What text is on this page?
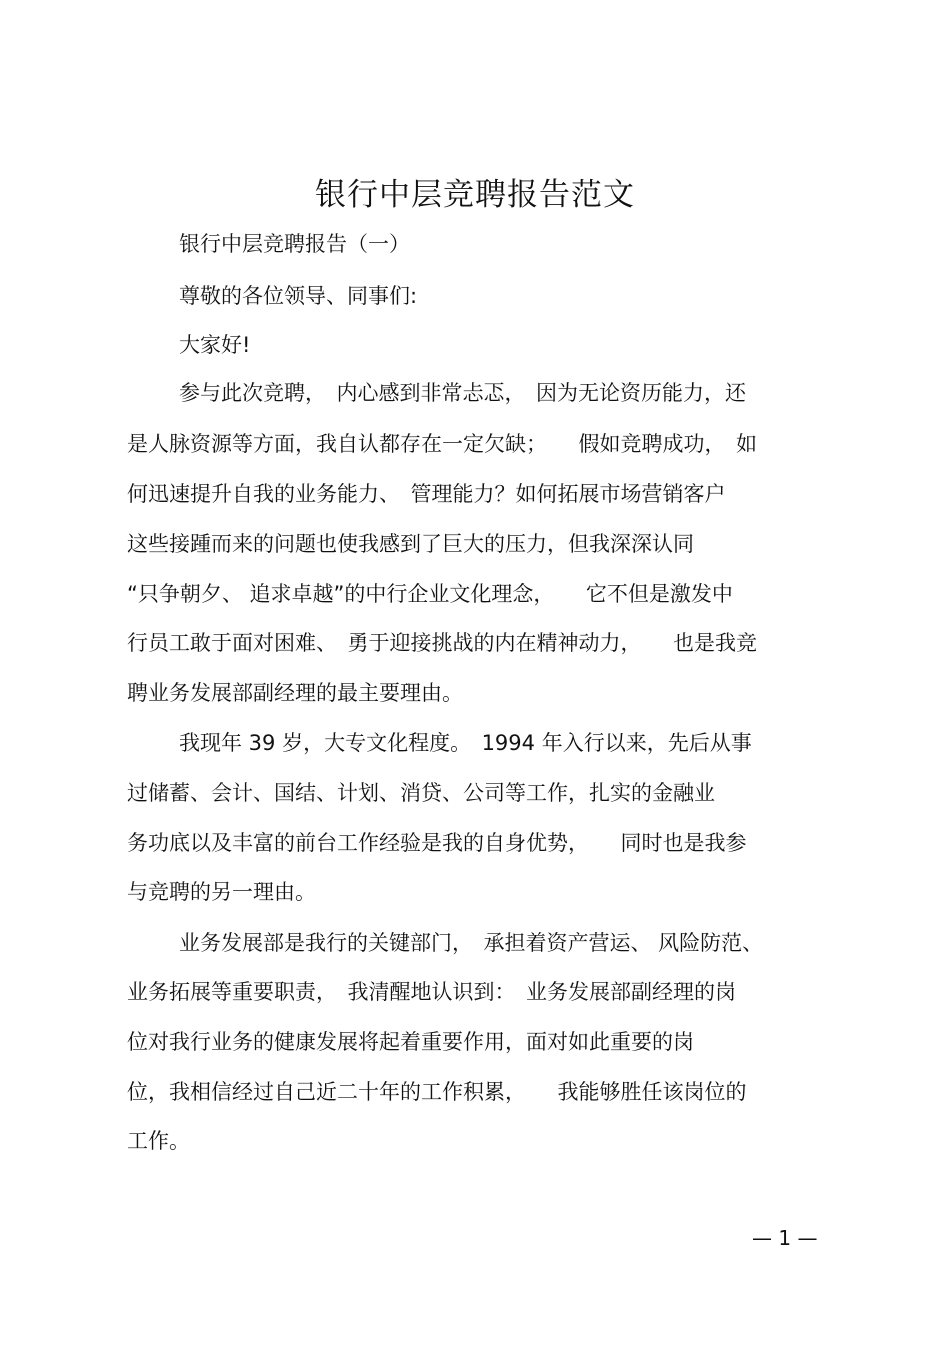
银行中层竞聘报告范文
银行中层竞聘报告（一）
尊敬的各位领导、同事们:
大家好!
参与此次竞聘，　内心感到非常忐忑，　因为无论资历能力，还
是人脉资源等方面，我自认都存在一定欠缺；　　假如竞聘成功，　如
何迅速提升自我的业务能力、　管理能力？如何拓展市场营销客户
这些接踵而来的问题也使我感到了巨大的压力，但我深深认同
“只争朝夕、 追求卓越”的中行企业文化理念，　　它不但是激发中
行员工敢于面对困难、　勇于迎接挑战的内在精神动力，　　也是我竞
聘业务发展部副经理的最主要理由。
我现年 39 岁，大专文化程度。　1994 年入行以来，先后从事
过储蓄、会计、国结、计划、消贷、公司等工作，扎实的金融业
务功底以及丰富的前台工作经验是我的自身优势，　　同时也是我参
与竞聘的另一理由。
业务发展部是我行的关键部门，　承担着资产营运、 风险防范、
业务拓展等重要职责，　我清醒地认识到：　业务发展部副经理的岗
位对我行业务的健康发展将起着重要作用，面对如此重要的岗
位，我相信经过自己近二十年的工作积累，　　我能够胜任该岗位的
工作。
— 1 —
